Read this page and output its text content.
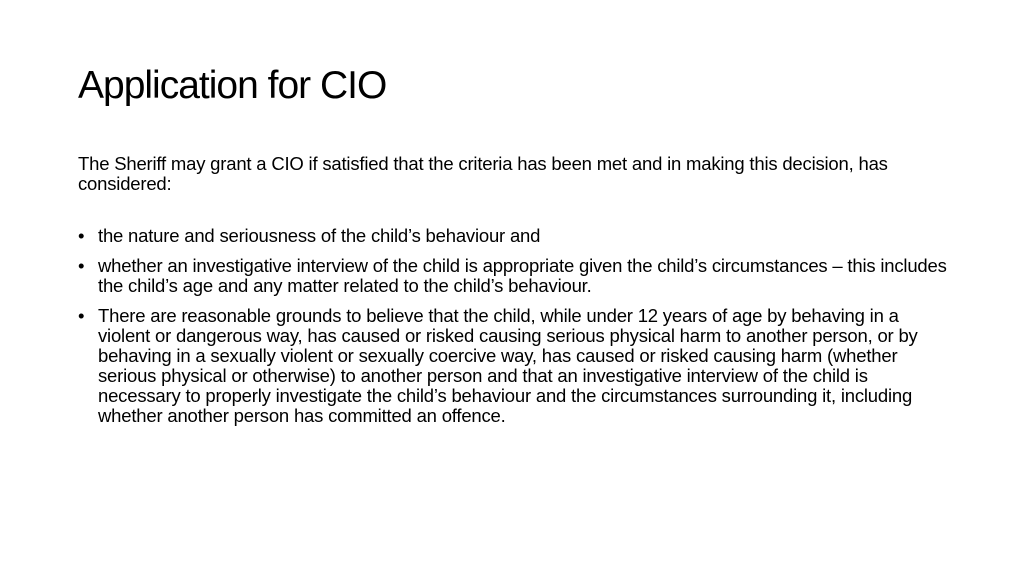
Application for CIO

The Sheriff may grant a CIO if satisfied that the criteria has been met and in making this decision, has considered:

• the nature and seriousness of the child’s behaviour and
• whether an investigative interview of the child is appropriate given the child’s circumstances – this includes the child’s age and any matter related to the child’s behaviour.
• There are reasonable grounds to believe that the child, while under 12 years of age by behaving in a violent or dangerous way, has caused or risked causing serious physical harm to another person, or by behaving in a sexually violent or sexually coercive way, has caused or risked causing harm (whether serious physical or otherwise) to another person and that an investigative interview of the child is necessary to properly investigate the child’s behaviour and the circumstances surrounding it, including whether another person has committed an offence.
